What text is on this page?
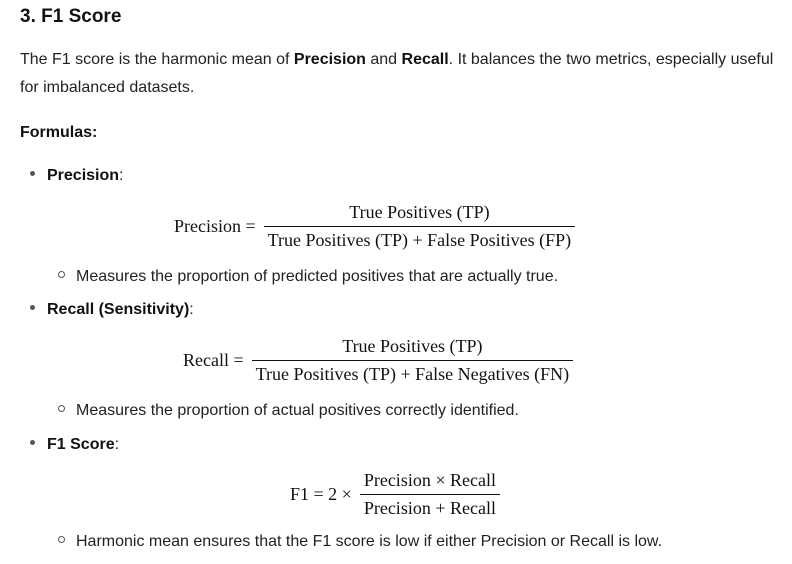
3. F1 Score
The F1 score is the harmonic mean of Precision and Recall. It balances the two metrics, especially useful for imbalanced datasets.
Formulas:
Precision:
Precision = $\frac{\text{True Positives (TP)}}{\text{True Positives (TP) + False Positives (FP)}}$
Measures the proportion of predicted positives that are actually true.
Recall (Sensitivity):
Recall = $\frac{\text{True Positives (TP)}}{\text{True Positives (TP) + False Negatives (FN)}}$
Measures the proportion of actual positives correctly identified.
F1 Score:
$F1 = 2 \times \frac{\text{Precision × Recall}}{\text{Precision + Recall}}$
Harmonic mean ensures that the F1 score is low if either Precision or Recall is low.
